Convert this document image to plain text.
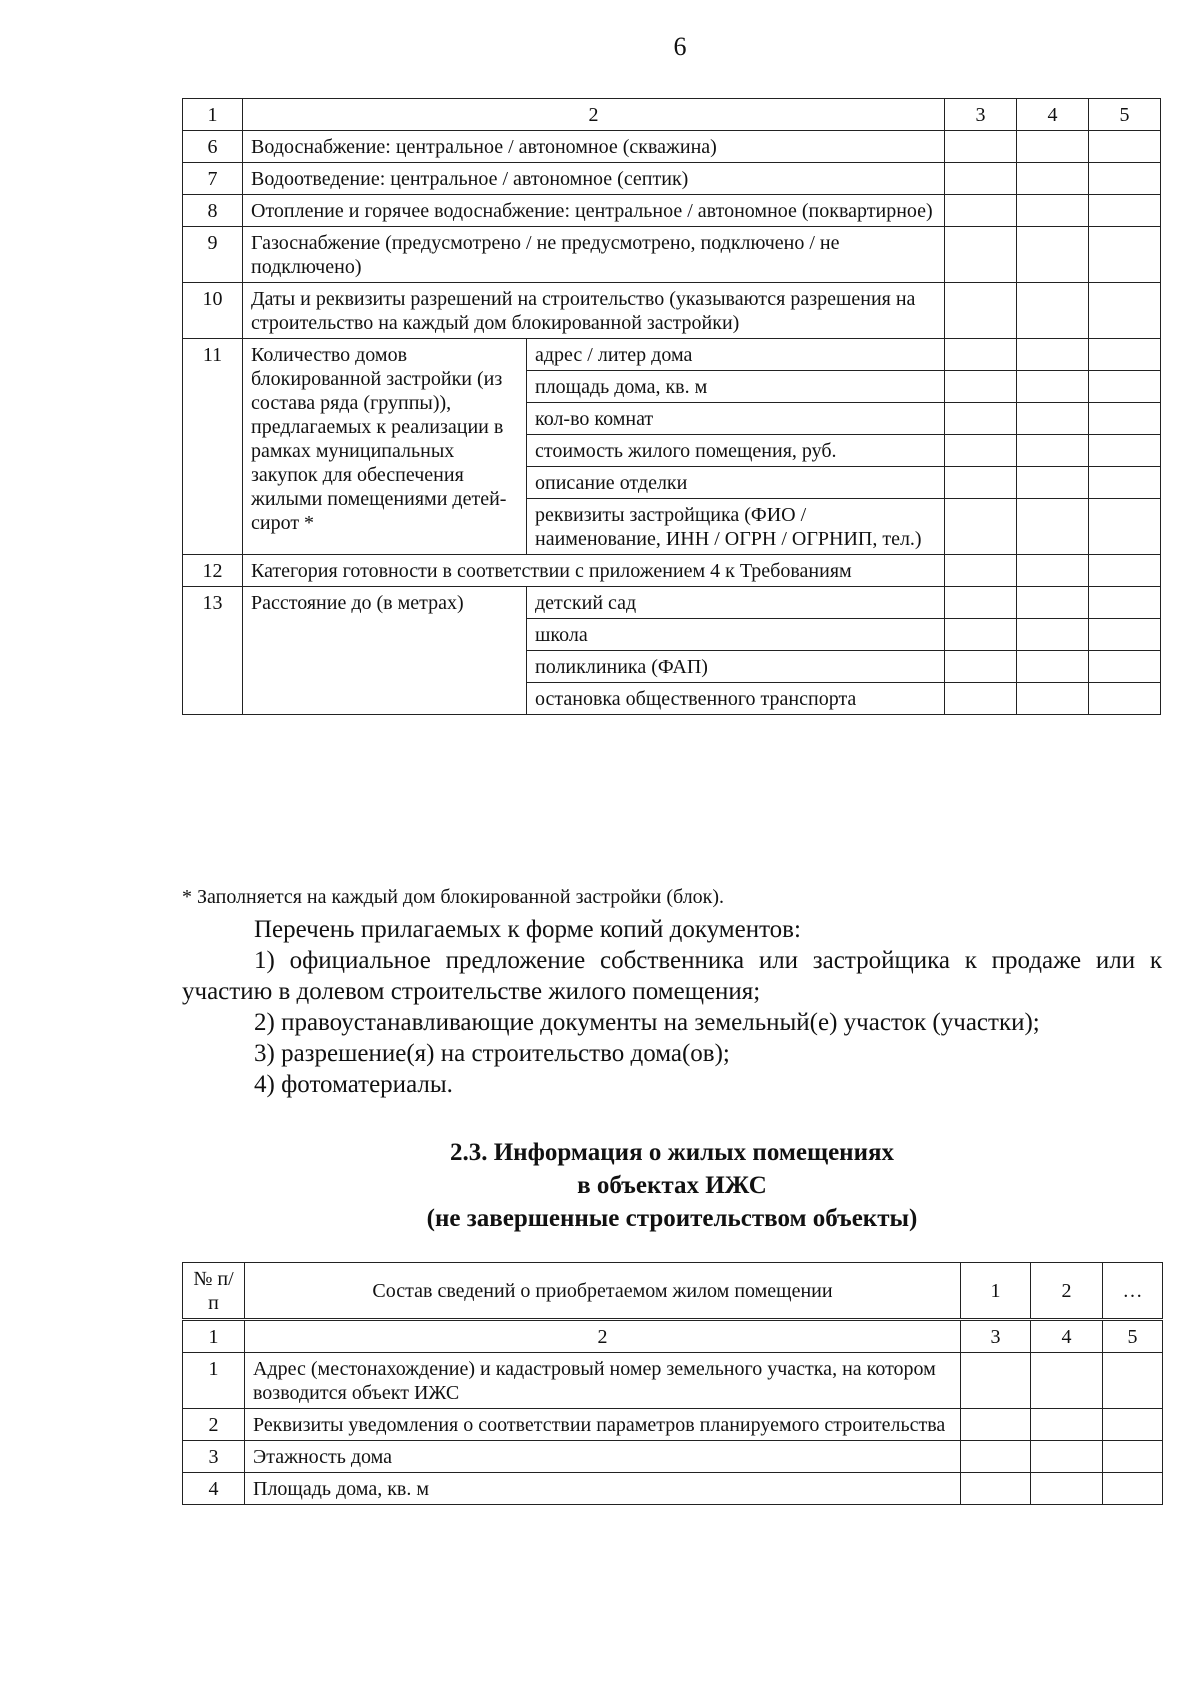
6
1	2		3	4	5
6	Водоснабжение: центральное / автономное (скважина)				
7	Водоотведение: центральное / автономное (септик)				
8	Отопление и горячее водоснабжение: центральное / автономное (поквартирное)				
9	Газоснабжение (предусмотрено / не предусмотрено, подключено / не подключено)				
10	Даты и реквизиты разрешений на строительство (указываются разрешения на строительство на каждый дом блокированной застройки)				
11	Количество домов блокированной застройки (из состава ряда (группы)), предлагаемых к реализации в рамках муниципальных закупок для обеспечения жилыми помещениями детей-сирот *	адрес / литер дома			
		площадь дома, кв. м			
		кол-во комнат			
		стоимость жилого помещения, руб.			
		описание отделки			
		реквизиты застройщика (ФИО / наименование, ИНН / ОГРН / ОГРНИП, тел.)			
12	Категория готовности в соответствии с приложением 4 к Требованиям				
13	Расстояние до (в метрах)	детский сад			
		школа			
		поликлиника (ФАП)			
		остановка общественного транспорта			
* Заполняется на каждый дом блокированной застройки (блок).
Перечень прилагаемых к форме копий документов:
1) официальное предложение собственника или застройщика к продаже или к участию в долевом строительстве жилого помещения;
2) правоустанавливающие документы на земельный(е) участок (участки);
3) разрешение(я) на строительство дома(ов);
4) фотоматериалы.
2.3. Информация о жилых помещениях
в объектах ИЖС
(не завершенные строительством объекты)
№ п/п	Состав сведений о приобретаемом жилом помещении	1	2	…
1	2	3	4	5
1	Адрес (местонахождение) и кадастровый номер земельного участка, на котором возводится объект ИЖС			
2	Реквизиты уведомления о соответствии параметров планируемого строительства			
3	Этажность дома			
4	Площадь дома, кв. м			
